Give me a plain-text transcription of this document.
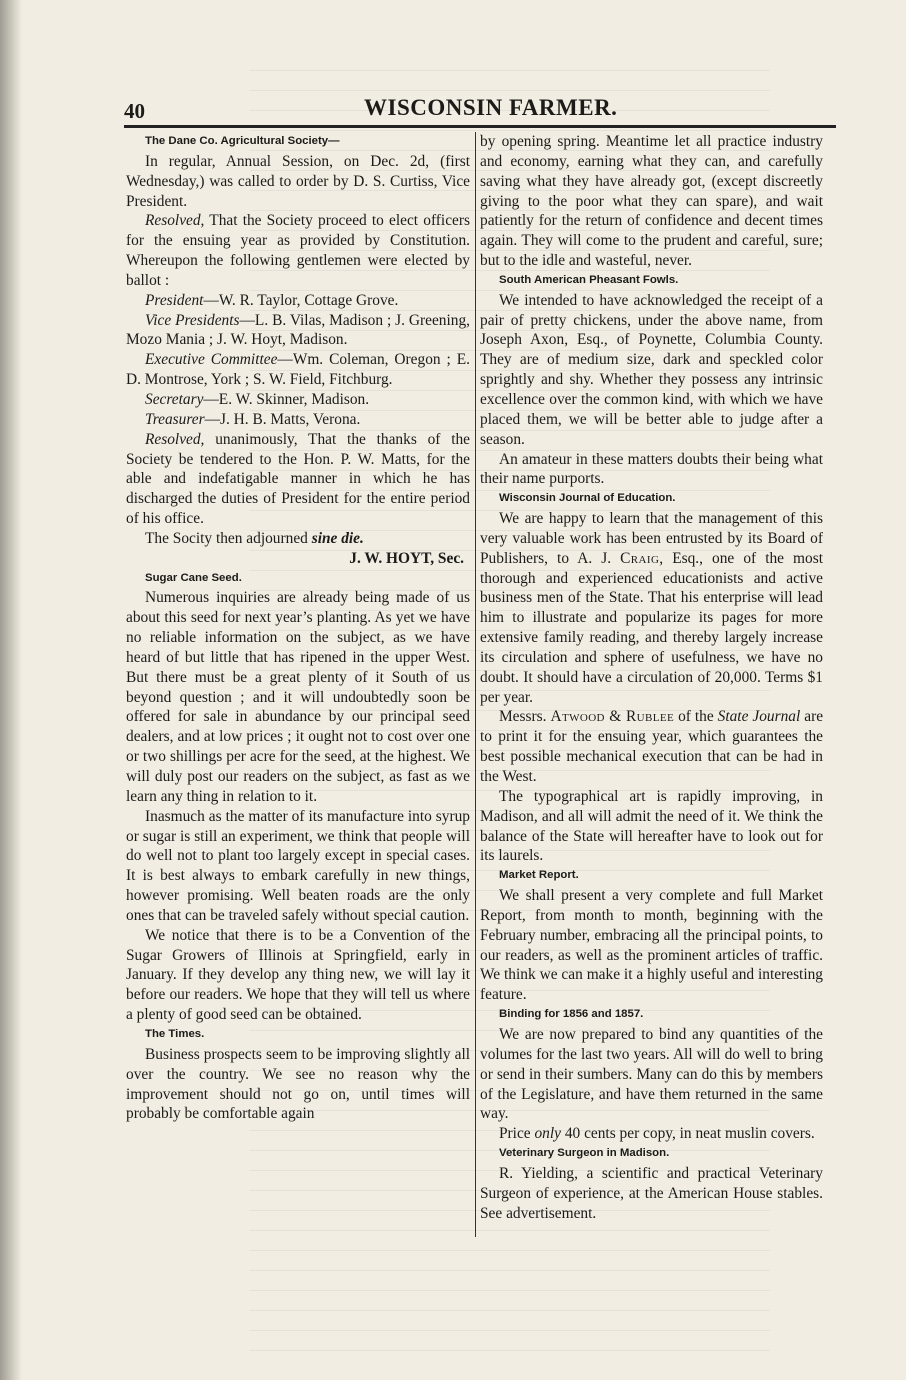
40	WISCONSIN FARMER.

The Dane Co. Agricultural Society—

In regular, Annual Session, on Dec. 2d, (first Wednesday,) was called to order by D. S. Curtiss, Vice President.

Resolved, That the Society proceed to elect officers for the ensuing year as provided by Constitution. Whereupon the following gentlemen were elected by ballot :

President—W. R. Taylor, Cottage Grove.

Vice Presidents—L. B. Vilas, Madison ; J. Greening, Mozo Mania ; J. W. Hoyt, Madison.

Executive Committee—Wm. Coleman, Oregon ; E. D. Montrose, York ; S. W. Field, Fitchburg.

Secretary—E. W. Skinner, Madison.

Treasurer—J. H. B. Matts, Verona.

Resolved, unanimously, That the thanks of the Society be tendered to the Hon. P. W. Matts, for the able and indefatigable manner in which he has discharged the duties of President for the entire period of his office.

The Socity then adjourned sine die.

J. W. HOYT, Sec.

Sugar Cane Seed.

Numerous inquiries are already being made of us about this seed for next year’s planting. As yet we have no reliable information on the subject, as we have heard of but little that has ripened in the upper West. But there must be a great plenty of it South of us beyond question ; and it will undoubtedly soon be offered for sale in abundance by our principal seed dealers, and at low prices ; it ought not to cost over one or two shillings per acre for the seed, at the highest. We will duly post our readers on the subject, as fast as we learn any thing in relation to it.

Inasmuch as the matter of its manufacture into syrup or sugar is still an experiment, we think that people will do well not to plant too largely except in special cases. It is best always to embark carefully in new things, however promising. Well beaten roads are the only ones that can be traveled safely without special caution.

We notice that there is to be a Convention of the Sugar Growers of Illinois at Springfield, early in January. If they develop any thing new, we will lay it before our readers. We hope that they will tell us where a plenty of good seed can be obtained.

The Times.

Business prospects seem to be improving slightly all over the country. We see no reason why the improvement should not go on, until times will probably be comfortable again

by opening spring. Meantime let all practice industry and economy, earning what they can, and carefully saving what they have already got, (except discreetly giving to the poor what they can spare), and wait patiently for the return of confidence and decent times again. They will come to the prudent and careful, sure; but to the idle and wasteful, never.

South American Pheasant Fowls.

We intended to have acknowledged the receipt of a pair of pretty chickens, under the above name, from Joseph Axon, Esq., of Poynette, Columbia County. They are of medium size, dark and speckled color sprightly and shy. Whether they possess any intrinsic excellence over the common kind, with which we have placed them, we will be better able to judge after a season.

An amateur in these matters doubts their being what their name purports.

Wisconsin Journal of Education.

We are happy to learn that the management of this very valuable work has been entrusted by its Board of Publishers, to A. J. Craig, Esq., one of the most thorough and experienced educationists and active business men of the State. That his enterprise will lead him to illustrate and popularize its pages for more extensive family reading, and thereby largely increase its circulation and sphere of usefulness, we have no doubt. It should have a circulation of 20,000. Terms $1 per year.

Messrs. Atwood & Rublee of the State Journal are to print it for the ensuing year, which guarantees the best possible mechanical execution that can be had in the West.

The typographical art is rapidly improving, in Madison, and all will admit the need of it. We think the balance of the State will hereafter have to look out for its laurels.

Market Report.

We shall present a very complete and full Market Report, from month to month, beginning with the February number, embracing all the principal points, to our readers, as well as the prominent articles of traffic. We think we can make it a highly useful and interesting feature.

Binding for 1856 and 1857.

We are now prepared to bind any quantities of the volumes for the last two years. All will do well to bring or send in their sumbers. Many can do this by members of the Legislature, and have them returned in the same way.

Price only 40 cents per copy, in neat muslin covers.

Veterinary Surgeon in Madison.

R. Yielding, a scientific and practical Veterinary Surgeon of experience, at the American House stables. See advertisement.
